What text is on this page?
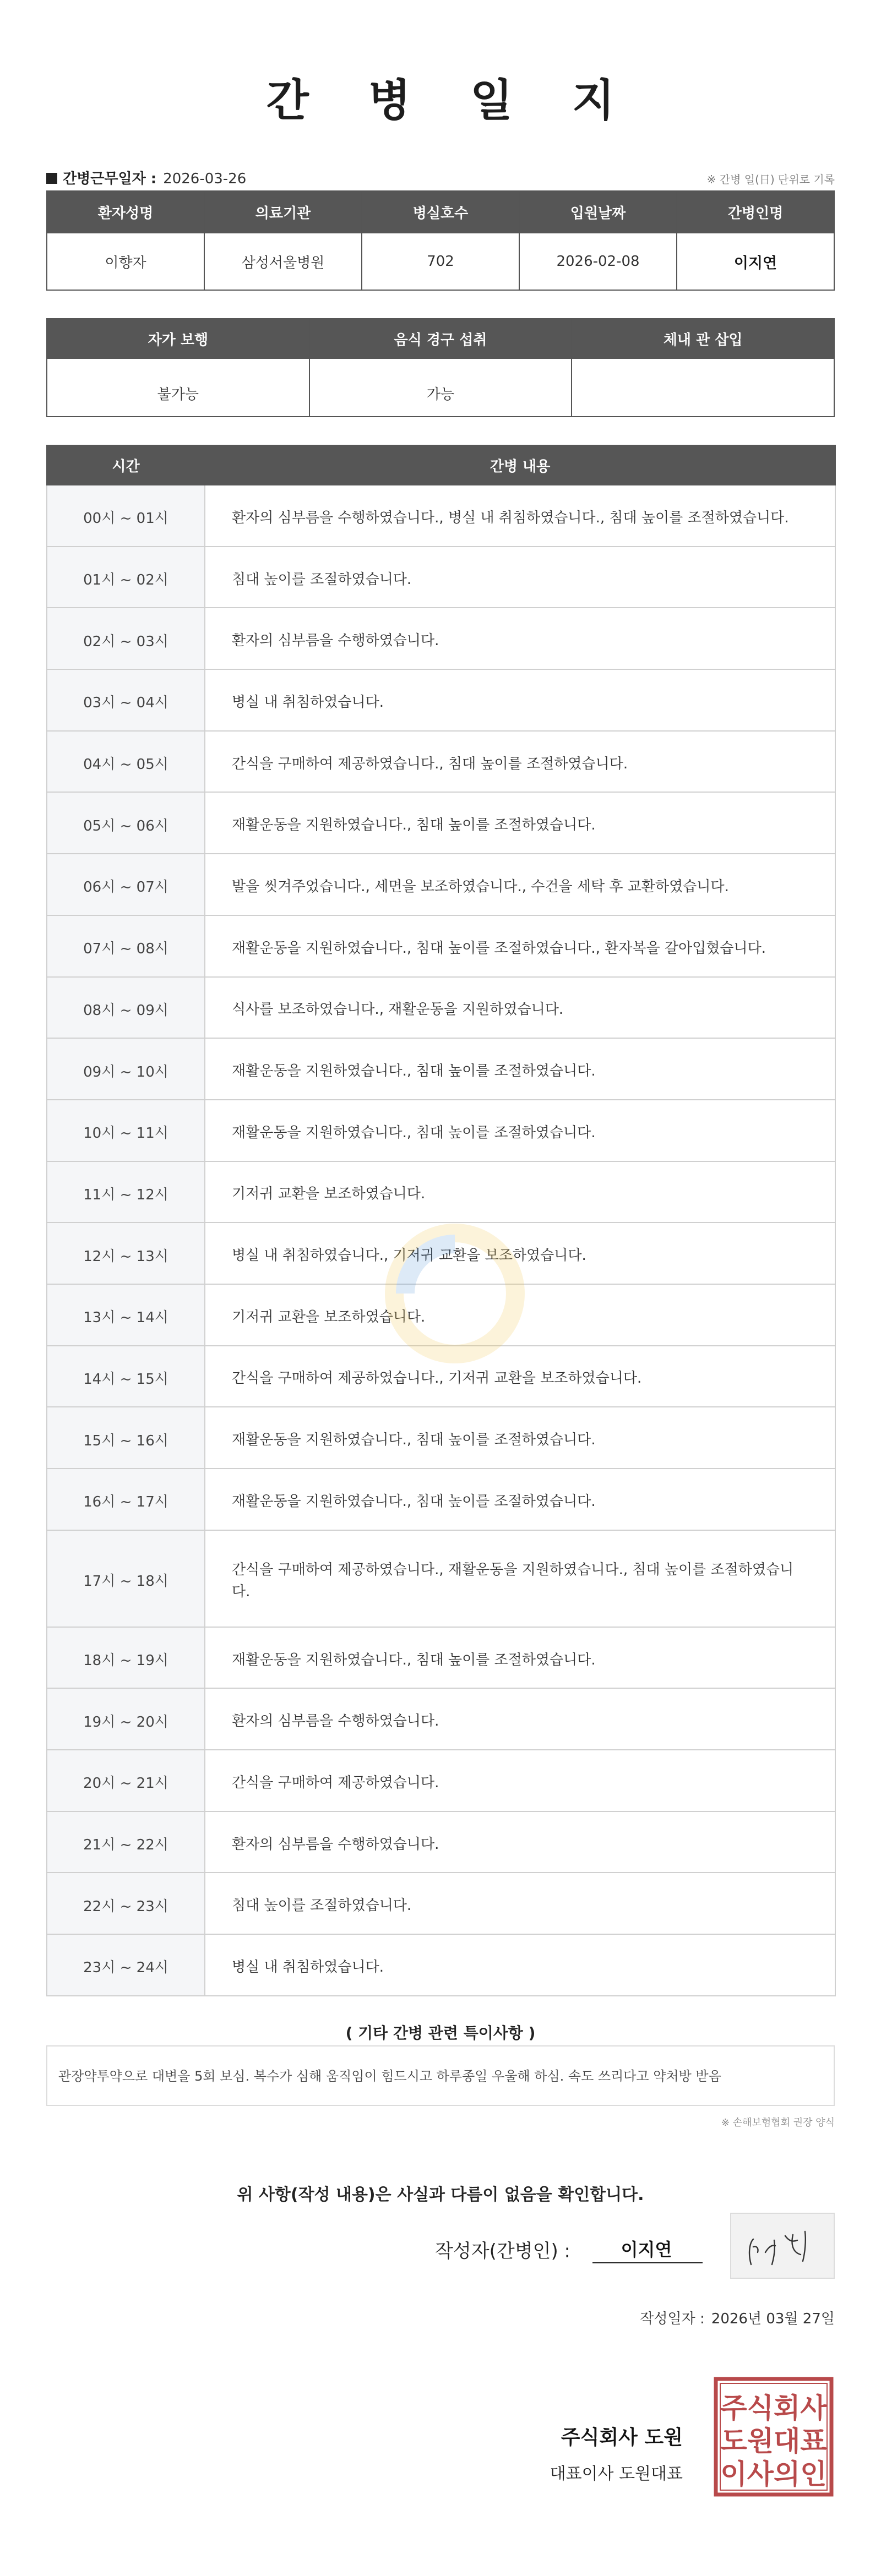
간 병 일 지
간병근무일자 : 2026-03-26	※ 간병 일(日) 단위로 기록
환자성명	의료기관	병실호수	입원날짜	간병인명
이향자	삼성서울병원	702	2026-02-08	이지연
자가 보행	음식 경구 섭취	체내 관 삽입
불가능	가능	
시간	간병 내용
00시 ~ 01시	환자의 심부름을 수행하였습니다., 병실 내 취침하였습니다., 침대 높이를 조절하였습니다.
01시 ~ 02시	침대 높이를 조절하였습니다.
02시 ~ 03시	환자의 심부름을 수행하였습니다.
03시 ~ 04시	병실 내 취침하였습니다.
04시 ~ 05시	간식을 구매하여 제공하였습니다., 침대 높이를 조절하였습니다.
05시 ~ 06시	재활운동을 지원하였습니다., 침대 높이를 조절하였습니다.
06시 ~ 07시	발을 씻겨주었습니다., 세면을 보조하였습니다., 수건을 세탁 후 교환하였습니다.
07시 ~ 08시	재활운동을 지원하였습니다., 침대 높이를 조절하였습니다., 환자복을 갈아입혔습니다.
08시 ~ 09시	식사를 보조하였습니다., 재활운동을 지원하였습니다.
09시 ~ 10시	재활운동을 지원하였습니다., 침대 높이를 조절하였습니다.
10시 ~ 11시	재활운동을 지원하였습니다., 침대 높이를 조절하였습니다.
11시 ~ 12시	기저귀 교환을 보조하였습니다.
12시 ~ 13시	병실 내 취침하였습니다., 기저귀 교환을 보조하였습니다.
13시 ~ 14시	기저귀 교환을 보조하였습니다.
14시 ~ 15시	간식을 구매하여 제공하였습니다., 기저귀 교환을 보조하였습니다.
15시 ~ 16시	재활운동을 지원하였습니다., 침대 높이를 조절하였습니다.
16시 ~ 17시	재활운동을 지원하였습니다., 침대 높이를 조절하였습니다.
17시 ~ 18시	간식을 구매하여 제공하였습니다., 재활운동을 지원하였습니다., 침대 높이를 조절하였습니다.
18시 ~ 19시	재활운동을 지원하였습니다., 침대 높이를 조절하였습니다.
19시 ~ 20시	환자의 심부름을 수행하였습니다.
20시 ~ 21시	간식을 구매하여 제공하였습니다.
21시 ~ 22시	환자의 심부름을 수행하였습니다.
22시 ~ 23시	침대 높이를 조절하였습니다.
23시 ~ 24시	병실 내 취침하였습니다.
( 기타 간병 관련 특이사항 )
관장약투약으로 대변을 5회 보심. 복수가 심해 움직임이 힘드시고 하루종일 우울해 하심. 속도 쓰리다고 약처방 받음
※ 손해보험협회 권장 양식
위 사항(작성 내용)은 사실과 다름이 없음을 확인합니다.
작성자(간병인) :	이지연
작성일자 : 2026년 03월 27일
주식회사 도원
대표이사 도원대표
주식회사
도원대표
이사의인
